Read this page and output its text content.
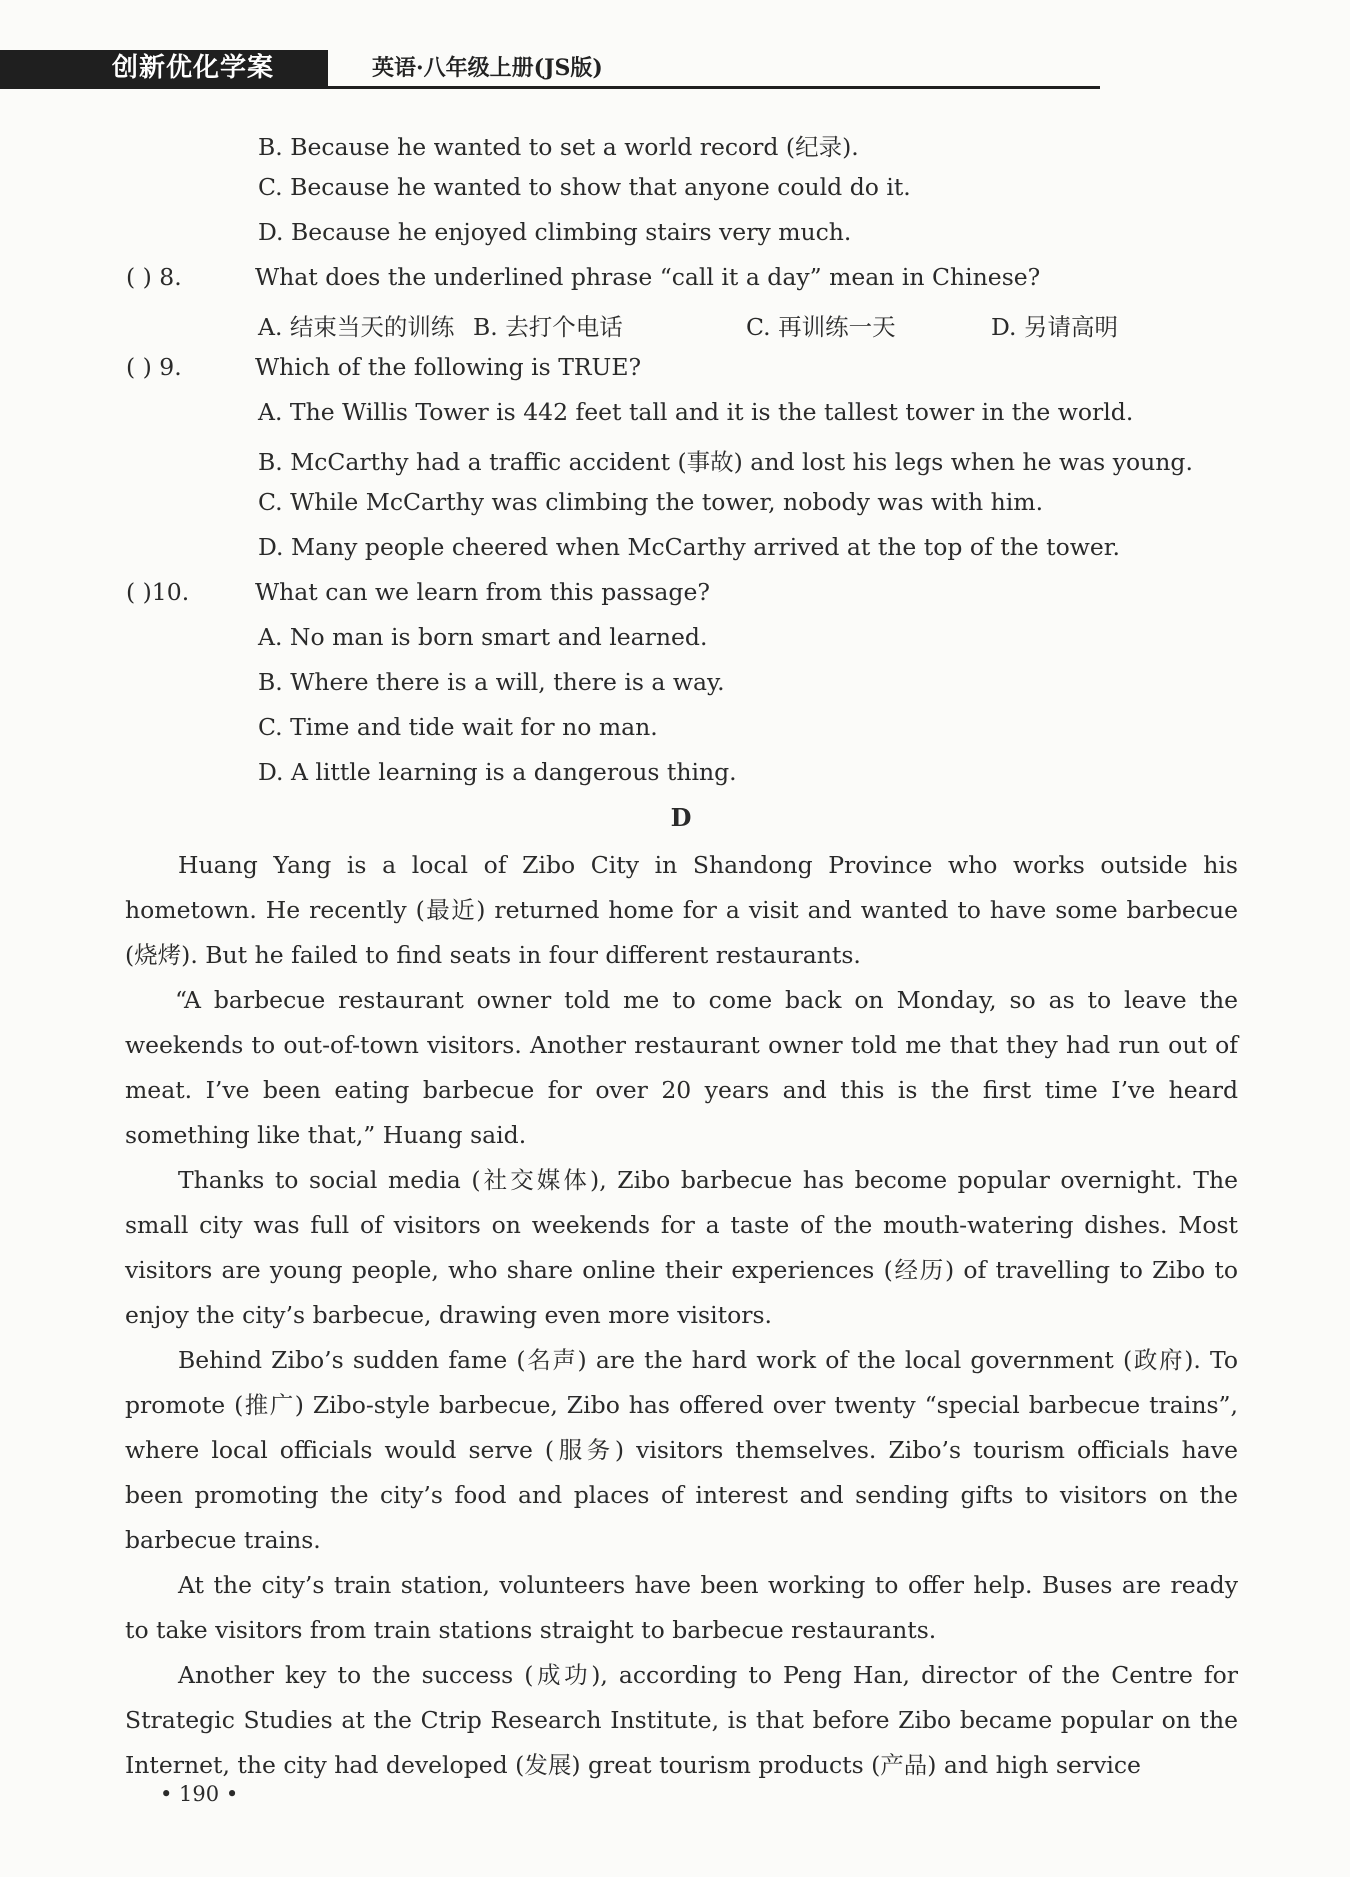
创新优化学案	英语·八年级上册(JS版)
B. Because he wanted to set a world record (纪录).
C. Because he wanted to show that anyone could do it.
D. Because he enjoyed climbing stairs very much.
( ) 8.	What does the underlined phrase “call it a day” mean in Chinese?
A. 结束当天的训练 B. 去打个电话	C. 再训练一天	D. 另请高明
( ) 9.	Which of the following is TRUE?
A. The Willis Tower is 442 feet tall and it is the tallest tower in the world.
B. McCarthy had a traffic accident (事故) and lost his legs when he was young.
C. While McCarthy was climbing the tower, nobody was with him.
D. Many people cheered when McCarthy arrived at the top of the tower.
( )10.	What can we learn from this passage?
A. No man is born smart and learned.
B. Where there is a will, there is a way.
C. Time and tide wait for no man.
D. A little learning is a dangerous thing.
D
Huang Yang is a local of Zibo City in Shandong Province who works outside his hometown. He recently (最近) returned home for a visit and wanted to have some barbecue (烧烤). But he failed to find seats in four different restaurants.
“A barbecue restaurant owner told me to come back on Monday, so as to leave the weekends to out-of-town visitors. Another restaurant owner told me that they had run out of meat. I’ve been eating barbecue for over 20 years and this is the first time I’ve heard something like that,” Huang said.
Thanks to social media (社交媒体), Zibo barbecue has become popular overnight. The small city was full of visitors on weekends for a taste of the mouth-watering dishes. Most visitors are young people, who share online their experiences (经历) of travelling to Zibo to enjoy the city’s barbecue, drawing even more visitors.
Behind Zibo’s sudden fame (名声) are the hard work of the local government (政府). To promote (推广) Zibo-style barbecue, Zibo has offered over twenty “special barbecue trains”, where local officials would serve (服务) visitors themselves. Zibo’s tourism officials have been promoting the city’s food and places of interest and sending gifts to visitors on the barbecue trains.
At the city’s train station, volunteers have been working to offer help. Buses are ready to take visitors from train stations straight to barbecue restaurants.
Another key to the success (成功), according to Peng Han, director of the Centre for Strategic Studies at the Ctrip Research Institute, is that before Zibo became popular on the Internet, the city had developed (发展) great tourism products (产品) and high service
• 190 •
